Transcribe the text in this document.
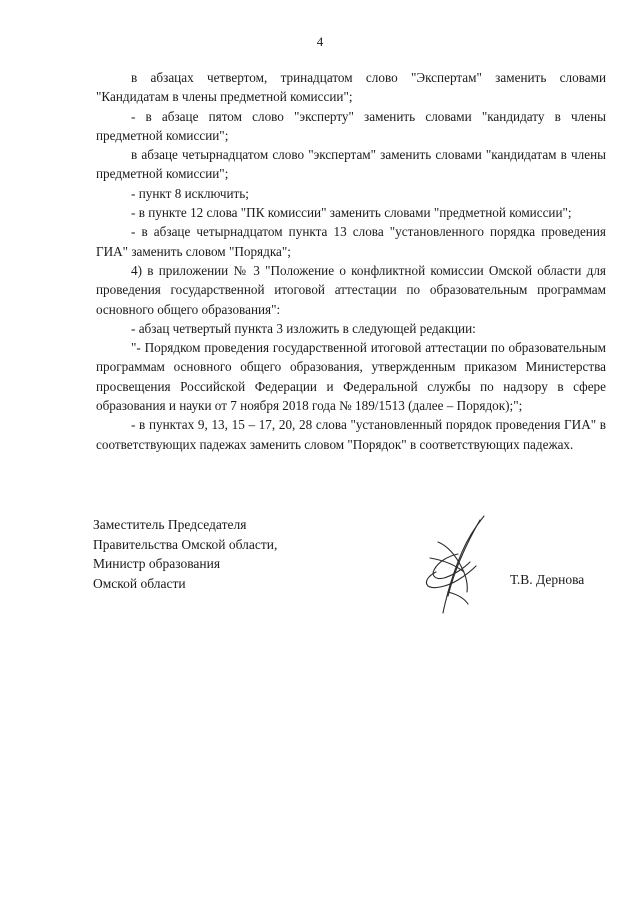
4

в абзацах четвертом, тринадцатом слово "Экспертам" заменить словами "Кандидатам в члены предметной комиссии";

- в абзаце пятом слово "эксперту" заменить словами "кандидату в члены предметной комиссии";

в абзаце четырнадцатом слово "экспертам" заменить словами "кандидатам в члены предметной комиссии";

- пункт 8 исключить;

- в пункте 12 слова "ПК комиссии" заменить словами "предметной комиссии";

- в абзаце четырнадцатом пункта 13 слова "установленного порядка проведения ГИА" заменить словом "Порядка";

4) в приложении № 3 "Положение о конфликтной комиссии Омской области для проведения государственной итоговой аттестации по образовательным программам основного общего образования":

- абзац четвертый пункта 3 изложить в следующей редакции:

"- Порядком проведения государственной итоговой аттестации по образовательным программам основного общего образования, утвержденным приказом Министерства просвещения Российской Федерации и Федеральной службы по надзору в сфере образования и науки от 7 ноября 2018 года № 189/1513 (далее – Порядок);";

- в пунктах 9, 13, 15 – 17, 20, 28 слова "установленный порядок проведения ГИА" в соответствующих падежах заменить словом "Порядок" в соответствующих падежах.

Заместитель Председателя
Правительства Омской области,
Министр образования
Омской области	Т.В. Дернова
